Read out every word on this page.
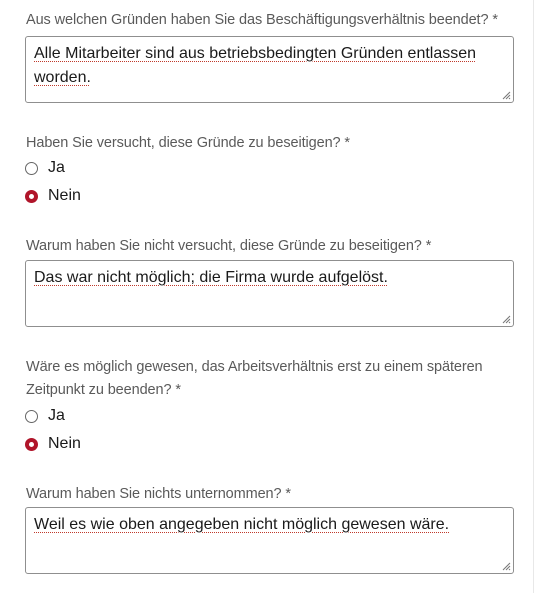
Aus welchen Gründen haben Sie das Beschäftigungsverhältnis beendet? *
Alle Mitarbeiter sind aus betriebsbedingten Gründen entlassen worden.
Haben Sie versucht, diese Gründe zu beseitigen? *
Ja
Nein
Warum haben Sie nicht versucht, diese Gründe zu beseitigen? *
Das war nicht möglich; die Firma wurde aufgelöst.
Wäre es möglich gewesen, das Arbeitsverhältnis erst zu einem späteren
Zeitpunkt zu beenden? *
Ja
Nein
Warum haben Sie nichts unternommen? *
Weil es wie oben angegeben nicht möglich gewesen wäre.
